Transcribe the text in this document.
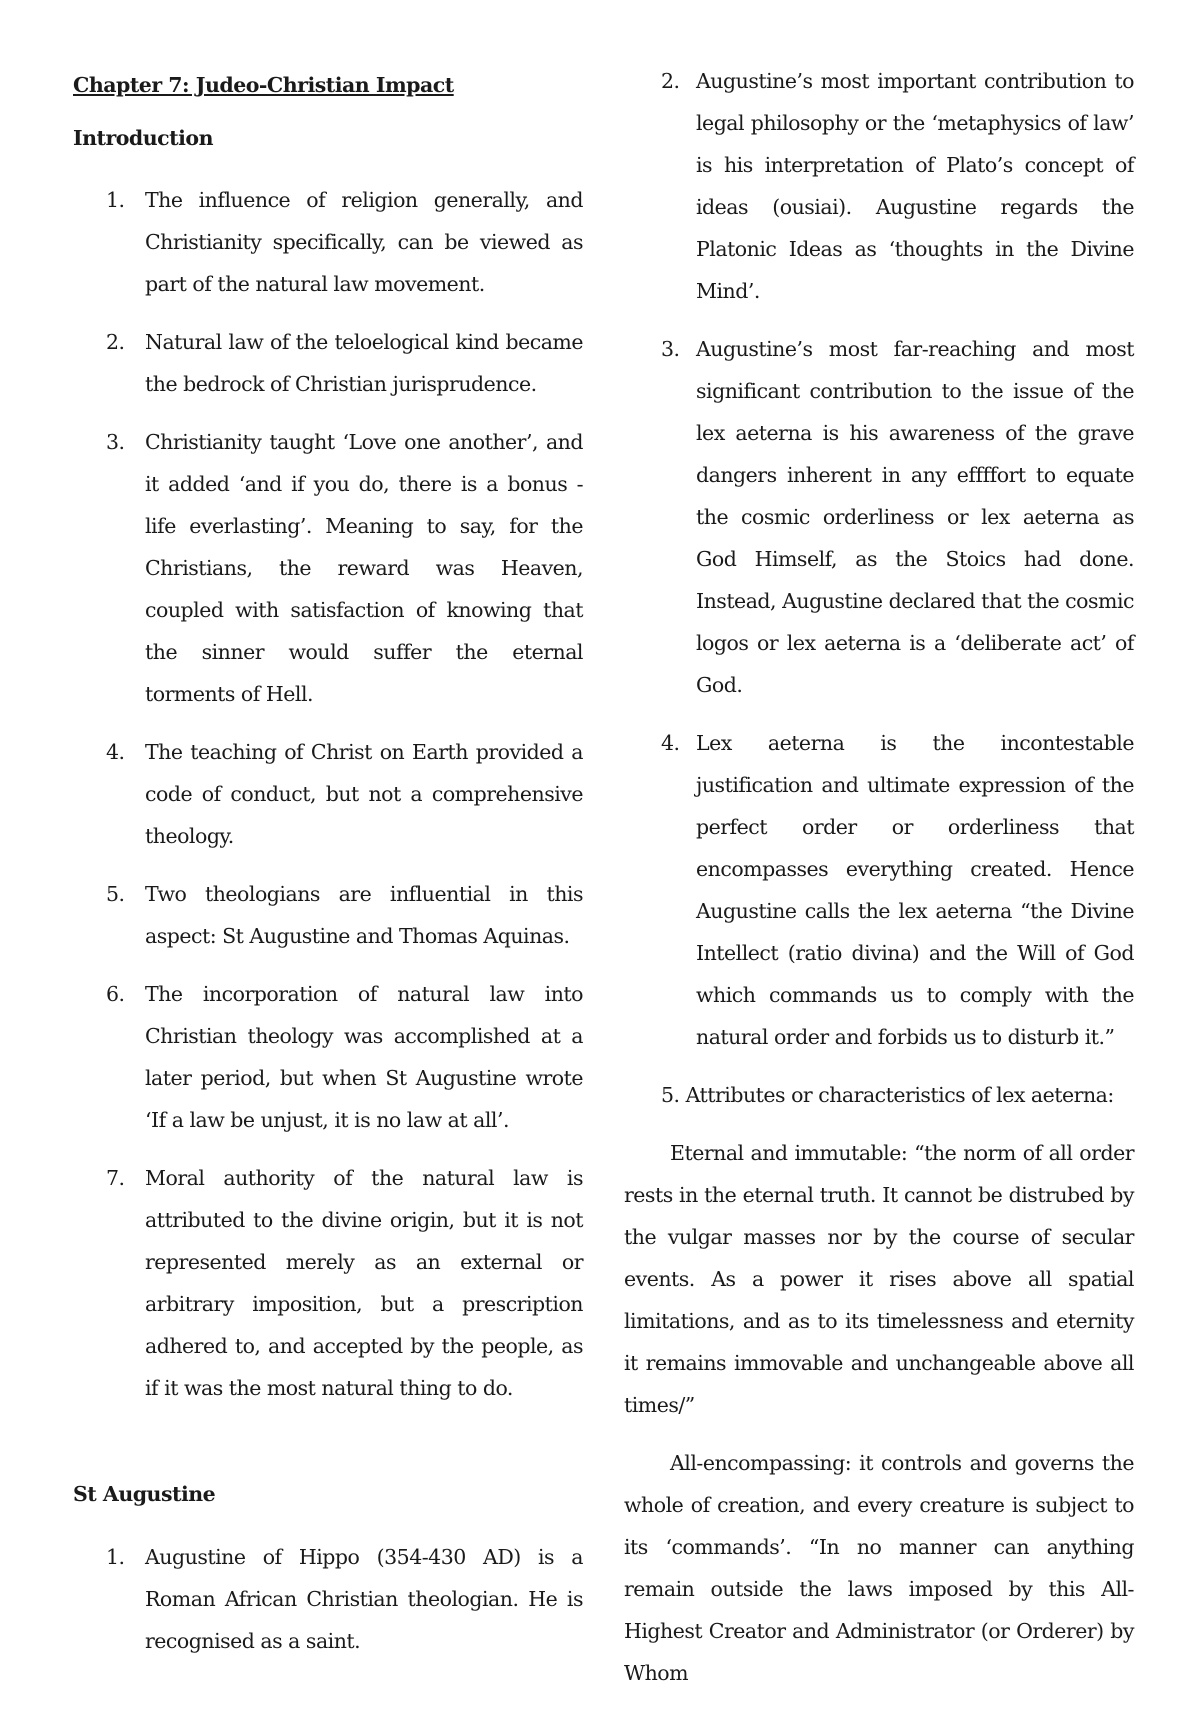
Chapter 7: Judeo-Christian Impact
Introduction
1. The influence of religion generally, and Christianity specifically, can be viewed as part of the natural law movement.
2. Natural law of the teloelogical kind became the bedrock of Christian jurisprudence.
3. Christianity taught ‘Love one another’, and it added ‘and if you do, there is a bonus - life everlasting’. Meaning to say, for the Christians, the reward was Heaven, coupled with satisfaction of knowing that the sinner would suffer the eternal torments of Hell.
4. The teaching of Christ on Earth provided a code of conduct, but not a comprehensive theology.
5. Two theologians are influential in this aspect: St Augustine and Thomas Aquinas.
6. The incorporation of natural law into Christian theology was accomplished at a later period, but when St Augustine wrote ‘If a law be unjust, it is no law at all’.
7. Moral authority of the natural law is attributed to the divine origin, but it is not represented merely as an external or arbitrary imposition, but a prescription adhered to, and accepted by the people, as if it was the most natural thing to do.
St Augustine
1. Augustine of Hippo (354-430 AD) is a Roman African Christian theologian. He is recognised as a saint.
2. Augustine’s most important contribution to legal philosophy or the ‘metaphysics of law’ is his interpretation of Plato’s concept of ideas (ousiai). Augustine regards the Platonic Ideas as ‘thoughts in the Divine Mind’.
3. Augustine’s most far-reaching and most significant contribution to the issue of the lex aeterna is his awareness of the grave dangers inherent in any effffort to equate the cosmic orderliness or lex aeterna as God Himself, as the Stoics had done. Instead, Augustine declared that the cosmic logos or lex aeterna is a ‘deliberate act’ of God.
4. Lex aeterna is the incontestable justification and ultimate expression of the perfect order or orderliness that encompasses everything created. Hence Augustine calls the lex aeterna “the Divine Intellect (ratio divina) and the Will of God which commands us to comply with the natural order and forbids us to disturb it.”
5. Attributes or characteristics of lex aeterna:

Eternal and immutable: “the norm of all order rests in the eternal truth. It cannot be distrubed by the vulgar masses nor by the course of secular events. As a power it rises above all spatial limitations, and as to its timelessness and eternity it remains immovable and unchangeable above all times/”

All-encompassing: it controls and governs the whole of creation, and every creature is subject to its ‘commands’. “In no manner can anything remain outside the laws imposed by this All-Highest Creator and Administrator (or Orderer) by Whom
